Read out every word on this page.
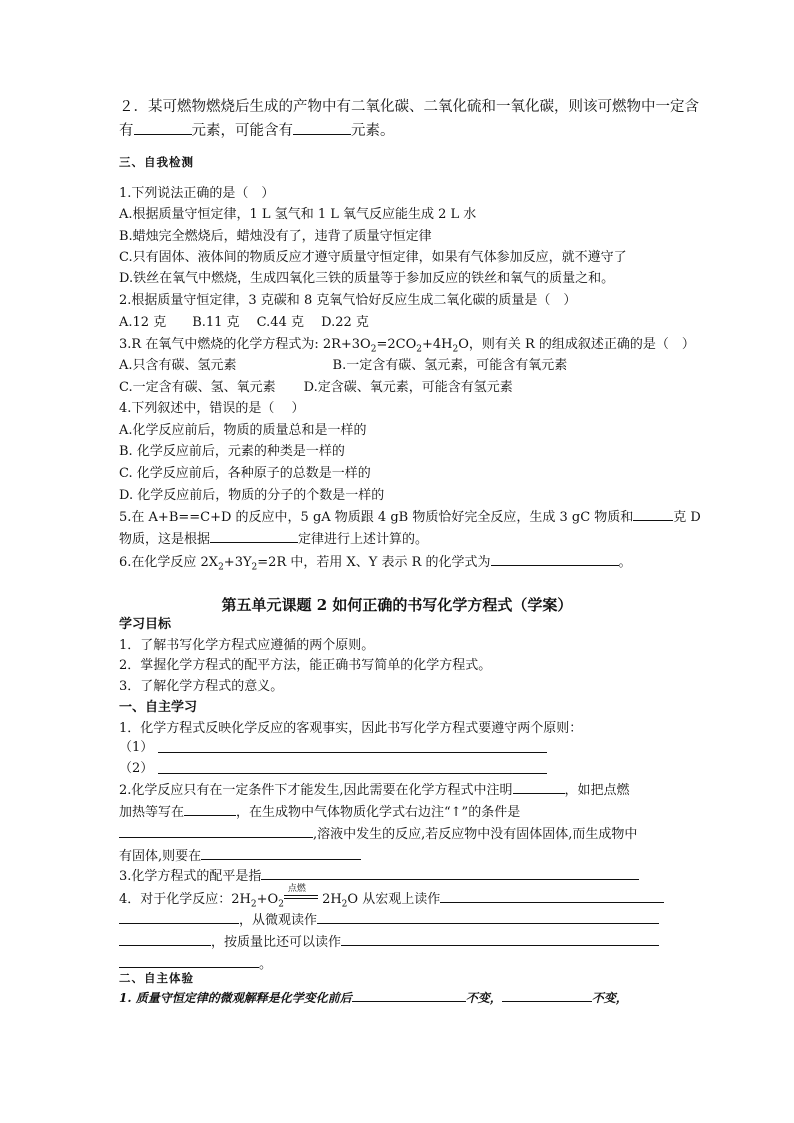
２．某可燃物燃烧后生成的产物中有二氧化碳、二氧化硫和一氧化碳，则该可燃物中一定含
有	元素，可能含有	元素。
三、自我检测
1.下列说法正确的是（　）
A.根据质量守恒定律，1 L 氢气和 1 L 氧气反应能生成 2 L 水
B.蜡烛完全燃烧后，蜡烛没有了，违背了质量守恒定律
C.只有固体、液体间的物质反应才遵守质量守恒定律，如果有气体参加反应，就不遵守了
D.铁丝在氧气中燃烧，生成四氧化三铁的质量等于参加反应的铁丝和氧气的质量之和。
2.根据质量守恒定律，3 克碳和 8 克氧气恰好反应生成二氧化碳的质量是（　）
A.12 克　　B.11 克　 C.44 克　 D.22 克
3.R 在氧气中燃烧的化学方程式为: $2R+3O_2=2CO_2+4H_2O$，则有关 R 的组成叙述正确的是（　）
A.只含有碳、氢元素	B.一定含有碳、氢元素，可能含有氧元素
C.一定含有碳、氢、氧元素 D.定含碳、氧元素，可能含有氢元素
4.下列叙述中，错误的是（　 ）
A.化学反应前后，物质的质量总和是一样的
B. 化学反应前后，元素的种类是一样的
C. 化学反应前后，各种原子的总数是一样的
D. 化学反应前后，物质的分子的个数是一样的
5.在 A+B==C+D 的反应中，5 gA 物质跟 4 gB 物质恰好完全反应，生成 3 gC 物质和	克 D
物质，这是根据	定律进行上述计算的。
6.在化学反应 $2X_2+3Y_2=2R$ 中，若用 X、Y 表示 R 的化学式为	。
第五单元课题 2 如何正确的书写化学方程式（学案）
学习目标
1．了解书写化学方程式应遵循的两个原则。
2．掌握化学方程式的配平方法，能正确书写简单的化学方程式。
3．了解化学方程式的意义。
一、自主学习
1．化学方程式反映化学反应的客观事实，因此书写化学方程式要遵守两个原则：
（1）
（2）
2.化学反应只有在一定条件下才能发生,因此需要在化学方程式中注明	，如把点燃
加热等写在	，在生成物中气体物质化学式右边注“↑”的条件是
,溶液中发生的反应,若反应物中没有固体固体,而生成物中
有固体,则要在
3.化学方程式的配平是指
4．对于化学反应：$2H_2+O_2$
点燃
$2H_2O$ 从宏观上读作
，从微观读作
，按质量比还可以读作
。
二、自主体验
1. 质量守恒定律的微观解释是化学变化前后	不变，	不变，
